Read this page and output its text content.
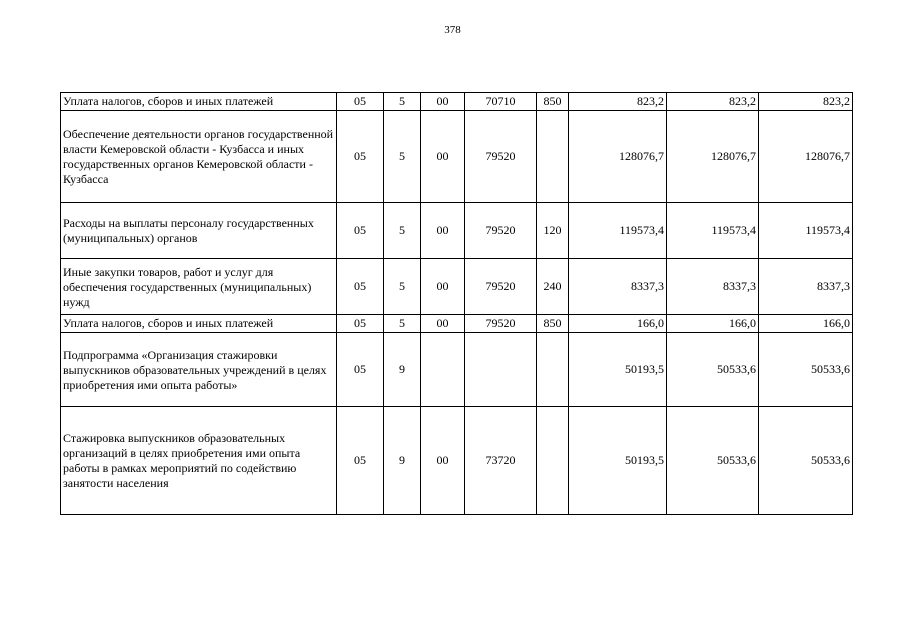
378
Уплата налогов, сборов и иных платежей	05	5	00	70710	850	823,2	823,2	823,2
Обеспечение деятельности органов государственной власти Кемеровской области - Кузбасса и иных государственных органов Кемеровской области - Кузбасса	05	5	00	79520		128076,7	128076,7	128076,7
Расходы на выплаты персоналу государственных (муниципальных) органов	05	5	00	79520	120	119573,4	119573,4	119573,4
Иные закупки товаров, работ и услуг для обеспечения государственных (муниципальных) нужд	05	5	00	79520	240	8337,3	8337,3	8337,3
Уплата налогов, сборов и иных платежей	05	5	00	79520	850	166,0	166,0	166,0
Подпрограмма «Организация стажировки выпускников образовательных учреждений в целях приобретения ими опыта работы»	05	9				50193,5	50533,6	50533,6
Стажировка выпускников образовательных организаций в целях приобретения ими опыта работы в рамках мероприятий по содействию занятости населения	05	9	00	73720		50193,5	50533,6	50533,6
